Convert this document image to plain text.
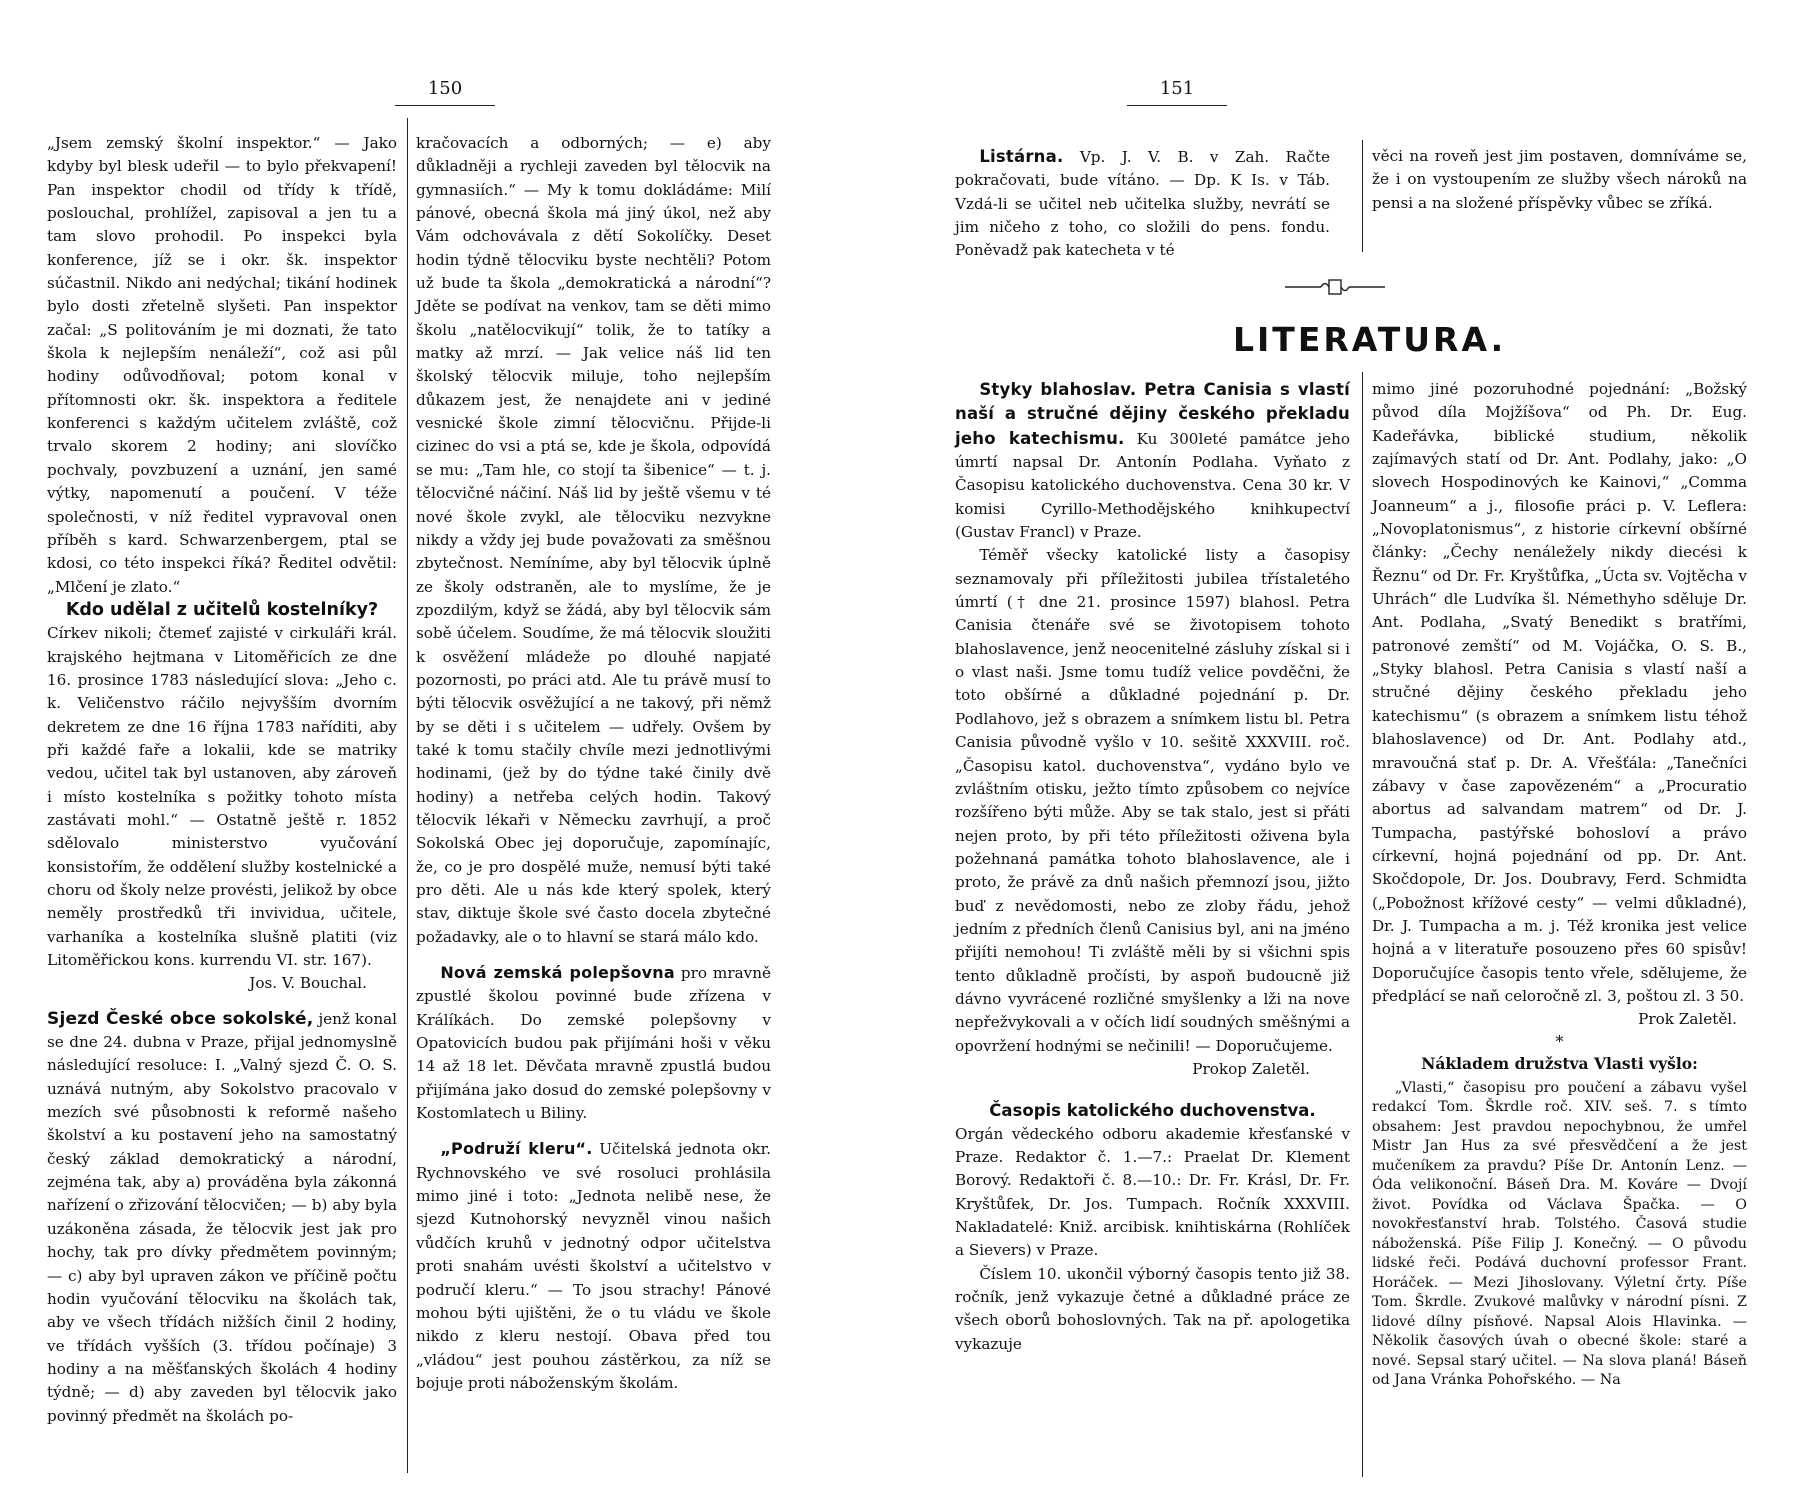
150

„Jsem zemský školní inspektor.“ — Jako kdyby byl blesk udeřil — to bylo překvapení! Pan inspektor chodil od třídy k třídě, poslouchal, prohlížel, zapisoval a jen tu a tam slovo prohodil. Po inspekci byla konference, jíž se i okr. šk. inspektor súčastnil. Nikdo ani nedýchal; tikání hodinek bylo dosti zřetelně slyšeti. Pan inspektor začal: „S politováním je mi doznati, že tato škola k nejlepším nenáleží“, což asi půl hodiny odůvodňoval; potom konal v přítomnosti okr. šk. inspektora a ředitele konferenci s každým učitelem zvláště, což trvalo skorem 2 hodiny; ani slovíčko pochvaly, povzbuzení a uznání, jen samé výtky, napomenutí a poučení. V téže společnosti, v níž ředitel vypravoval onen příběh s kard. Schwarzenbergem, ptal se kdosi, co této inspekci říká? Ředitel odvětil: „Mlčení je zlato.“

Kdo udělal z učitelů kostelníky?

Církev nikoli; čtemeť zajisté v cirkuláři král. krajského hejtmana v Litoměřicích ze dne 16. prosince 1783 následující slova: „Jeho c. k. Veličenstvo ráčilo nejvyšším dvorním dekretem ze dne 16 října 1783 naříditi, aby při každé faře a lokalii, kde se matriky vedou, učitel tak byl ustanoven, aby zároveň i místo kostelníka s požitky tohoto místa zastávati mohl.“ — Ostatně ještě r. 1852 sdělovalo ministerstvo vyučování konsistořím, že oddělení služby kostelnické a choru od školy nelze provésti, jelikož by obce neměly prostředků tři invividua, učitele, varhaníka a kostelníka slušně platiti (viz Litoměřickou kons. kurrendu VI. str. 167).

Jos. V. Bouchal.

Sjezd České obce sokolské, jenž konal se dne 24. dubna v Praze, přijal jednomyslně následující resoluce: I. „Valný sjezd Č. O. S. uznává nutným, aby Sokolstvo pracovalo v mezích své působnosti k reformě našeho školství a ku postavení jeho na samostatný český základ demokratický a národní, zejména tak, aby a) prováděna byla zákonná nařízení o zřizování tělocvičen; — b) aby byla uzákoněna zásada, že tělocvik jest jak pro hochy, tak pro dívky předmětem povinným; — c) aby byl upraven zákon ve příčině počtu hodin vyučování tělocviku na školách tak, aby ve všech třídách nižších činil 2 hodiny, ve třídách vyšších (3. třídou počínaje) 3 hodiny a na měšťanských školách 4 hodiny týdně; — d) aby zaveden byl tělocvik jako povinný předmět na školách po-

kračovacích a odborných; — e) aby důkladněji a rychleji zaveden byl tělocvik na gymnasiích.“ — My k tomu dokládáme: Milí pánové, obecná škola má jiný úkol, než aby Vám odchovávala z dětí Sokolíčky. Deset hodin týdně tělocviku byste nechtěli? Potom už bude ta škola „demokratická a národní“? Jděte se podívat na venkov, tam se děti mimo školu „natělocvikují“ tolik, že to tatíky a matky až mrzí. — Jak velice náš lid ten školský tělocvik miluje, toho nejlepším důkazem jest, že nenajdete ani v jediné vesnické škole zimní tělocvičnu. Přijde-li cizinec do vsi a ptá se, kde je škola, odpovídá se mu: „Tam hle, co stojí ta šibenice“ — t. j. tělocvičné náčiní. Náš lid by ještě všemu v té nové škole zvykl, ale tělocviku nezvykne nikdy a vždy jej bude považovati za směšnou zbytečnost. Nemíníme, aby byl tělocvik úplně ze školy odstraněn, ale to myslíme, že je zpozdilým, když se žádá, aby byl tělocvik sám sobě účelem. Soudíme, že má tělocvik sloužiti k osvěžení mládeže po dlouhé napjaté pozornosti, po práci atd. Ale tu právě musí to býti tělocvik osvěžující a ne takový, při němž by se děti i s učitelem — udřely. Ovšem by také k tomu stačily chvíle mezi jednotlivými hodinami, (jež by do týdne také činily dvě hodiny) a netřeba celých hodin. Takový tělocvik lékaři v Německu zavrhují, a proč Sokolská Obec jej doporučuje, zapomínajíc, že, co je pro dospělé muže, nemusí býti také pro děti. Ale u nás kde který spolek, který stav, diktuje škole své často docela zbytečné požadavky, ale o to hlavní se stará málo kdo.

Nová zemská polepšovna pro mravně zpustlé školou povinné bude zřízena v Králíkách. Do zemské polepšovny v Opatovicích budou pak přijímáni hoši v věku 14 až 18 let. Děvčata mravně zpustlá budou přijímána jako dosud do zemské polepšovny v Kostomlatech u Biliny.

„Podruží kleru“. Učitelská jednota okr. Rychnovského ve své rosoluci prohlásila mimo jiné i toto: „Jednota nelibě nese, že sjezd Kutnohorský nevyzněl vinou našich vůdčích kruhů v jednotný odpor učitelstva proti snahám uvésti školství a učitelstvo v područí kleru.“ — To jsou strachy! Pánové mohou býti ujištěni, že o tu vládu ve škole nikdo z kleru nestojí. Obava před tou „vládou“ jest pouhou zástěrkou, za níž se bojuje proti náboženským školám.

151

Listárna. Vp. J. V. B. v Zah. Račte pokračovati, bude vítáno. — Dp. K Is. v Táb. Vzdá-li se učitel neb učitelka služby, nevrátí se jim ničeho z toho, co složili do pens. fondu. Poněvadž pak katecheta v té

věci na roveň jest jim postaven, domníváme se, že i on vystoupením ze služby všech nároků na pensi a na složené příspěvky vůbec se zříká.

LITERATURA.

Styky blahoslav. Petra Canisia s vlastí naší a stručné dějiny českého překladu jeho katechismu. Ku 300leté památce jeho úmrtí napsal Dr. Antonín Podlaha. Vyňato z Časopisu katolického duchovenstva. Cena 30 kr. V komisi Cyrillo-Methodějského knihkupectví (Gustav Francl) v Praze.

Téměř všecky katolické listy a časopisy seznamovaly při příležitosti jubilea třístaletého úmrtí († dne 21. prosince 1597) blahosl. Petra Canisia čtenáře své se životopisem tohoto blahoslavence, jenž neocenitelné zásluhy získal si i o vlast naši. Jsme tomu tudíž velice povděčni, že toto obšírné a důkladné pojednání p. Dr. Podlahovo, jež s obrazem a snímkem listu bl. Petra Canisia původně vyšlo v 10. sešitě XXXVIII. roč. „Časopisu katol. duchovenstva“, vydáno bylo ve zvláštním otisku, ježto tímto způsobem co nejvíce rozšířeno býti může. Aby se tak stalo, jest si přáti nejen proto, by při této příležitosti oživena byla požehnaná památka tohoto blahoslavence, ale i proto, že právě za dnů našich přemnozí jsou, jižto buď z nevědomosti, nebo ze zloby řádu, jehož jedním z předních členů Canisius byl, ani na jméno přijíti nemohou! Ti zvláště měli by si všichni spis tento důkladně pročísti, by aspoň budoucně již dávno vyvrácené rozličné smyšlenky a lži na nove nepřežvykovali a v očích lidí soudných směšnými a opovržení hodnými se nečinili! — Doporučujeme.

Prokop Zaletěl.
Časopis katolického duchovenstva.

Orgán vědeckého odboru akademie křesťanské v Praze. Redaktor č. 1.—7.: Praelat Dr. Klement Borový. Redaktoři č. 8.—10.: Dr. Fr. Krásl, Dr. Fr. Kryštůfek, Dr. Jos. Tumpach. Ročník XXXVIII. Nakladatelé: Kniž. arcibisk. knihtiskárna (Rohlíček a Sievers) v Praze.

Číslem 10. ukončil výborný časopis tento již 38. ročník, jenž vykazuje četné a důkladné práce ze všech oborů bohoslovných. Tak na př. apologetika vykazuje

mimo jiné pozoruhodné pojednání: „Božský původ díla Mojžíšova“ od Ph. Dr. Eug. Kadeřávka, biblické studium, několik zajímavých statí od Dr. Ant. Podlahy, jako: „O slovech Hospodinových ke Kainovi,“ „Comma Joanneum“ a j., filosofie práci p. V. Leflera: „Novoplatonismus“, z historie církevní obšírné články: „Čechy nenáležely nikdy diecési k Řeznu“ od Dr. Fr. Kryštůfka, „Úcta sv. Vojtěcha v Uhrách“ dle Ludvíka šl. Némethyho sděluje Dr. Ant. Podlaha, „Svatý Benedikt s bratřími, patronové zemští“ od M. Vojáčka, O. S. B., „Styky blahosl. Petra Canisia s vlastí naší a stručné dějiny českého překladu jeho katechismu“ (s obrazem a snímkem listu téhož blahoslavence) od Dr. Ant. Podlahy atd., mravoučná stať p. Dr. A. Vřešťála: „Tanečníci zábavy v čase zapovězeném“ a „Procuratio abortus ad salvandam matrem“ od Dr. J. Tumpacha, pastýřské bohosloví a právo církevní, hojná pojednání od pp. Dr. Ant. Skočdopole, Dr. Jos. Doubravy, Ferd. Schmidta („Pobožnost křížové cesty“ — velmi důkladné), Dr. J. Tumpacha a m. j. Též kronika jest velice hojná a v literatuře posouzeno přes 60 spisův! Doporučujíce časopis tento vřele, sdělujeme, že předplácí se naň celoročně zl. 3, poštou zl. 3 50.

Prok Zaletěl.
*
Nákladem družstva Vlasti vyšlo:

„Vlasti,“ časopisu pro poučení a zábavu vyšel redakcí Tom. Škrdle roč. XIV. seš. 7. s tímto obsahem: Jest pravdou nepochybnou, že umřel Mistr Jan Hus za své přesvědčení a že jest mučeníkem za pravdu? Píše Dr. Antonín Lenz. — Óda velikonoční. Báseň Dra. M. Kováre — Dvojí život. Povídka od Václava Špačka. — O novokřesťanství hrab. Tolstého. Časová studie náboženská. Píše Filip J. Konečný. — O původu lidské řeči. Podává duchovní professor Frant. Horáček. — Mezi Jihoslovany. Výletní črty. Píše Tom. Škrdle. Zvukové malůvky v národní písni. Z lidové dílny písňové. Napsal Alois Hlavinka. — Několik časových úvah o obecné škole: staré a nové. Sepsal starý učitel. — Na slova planá! Báseň od Jana Vránka Pohořského. — Na
